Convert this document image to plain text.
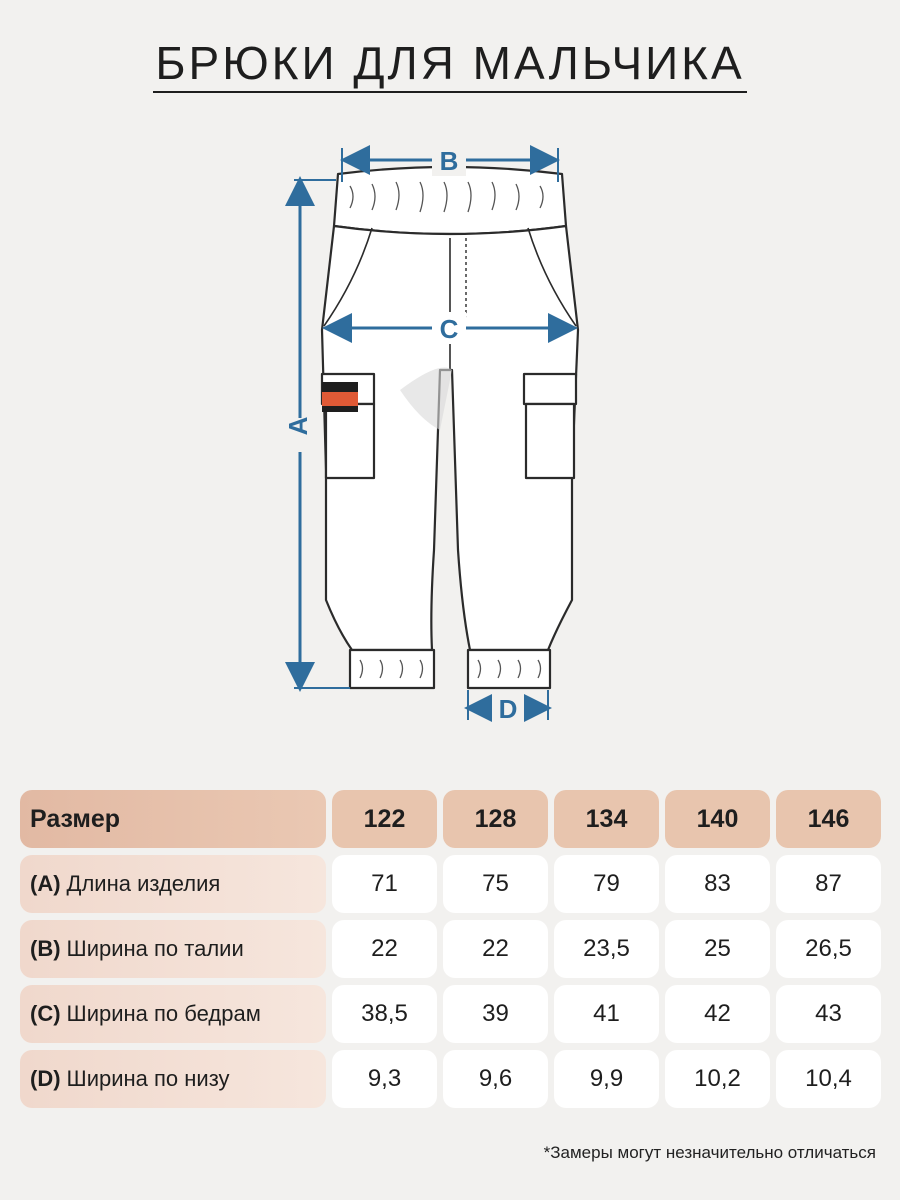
БРЮКИ ДЛЯ МАЛЬЧИКА
A
B
C
D
Размер	122	128	134	140	146
(A) Длина изделия	71	75	79	83	87
(B) Ширина по талии	22	22	23,5	25	26,5
(C) Ширина по бедрам	38,5	39	41	42	43
(D) Ширина по низу	9,3	9,6	9,9	10,2	10,4
*Замеры могут незначительно отличаться
